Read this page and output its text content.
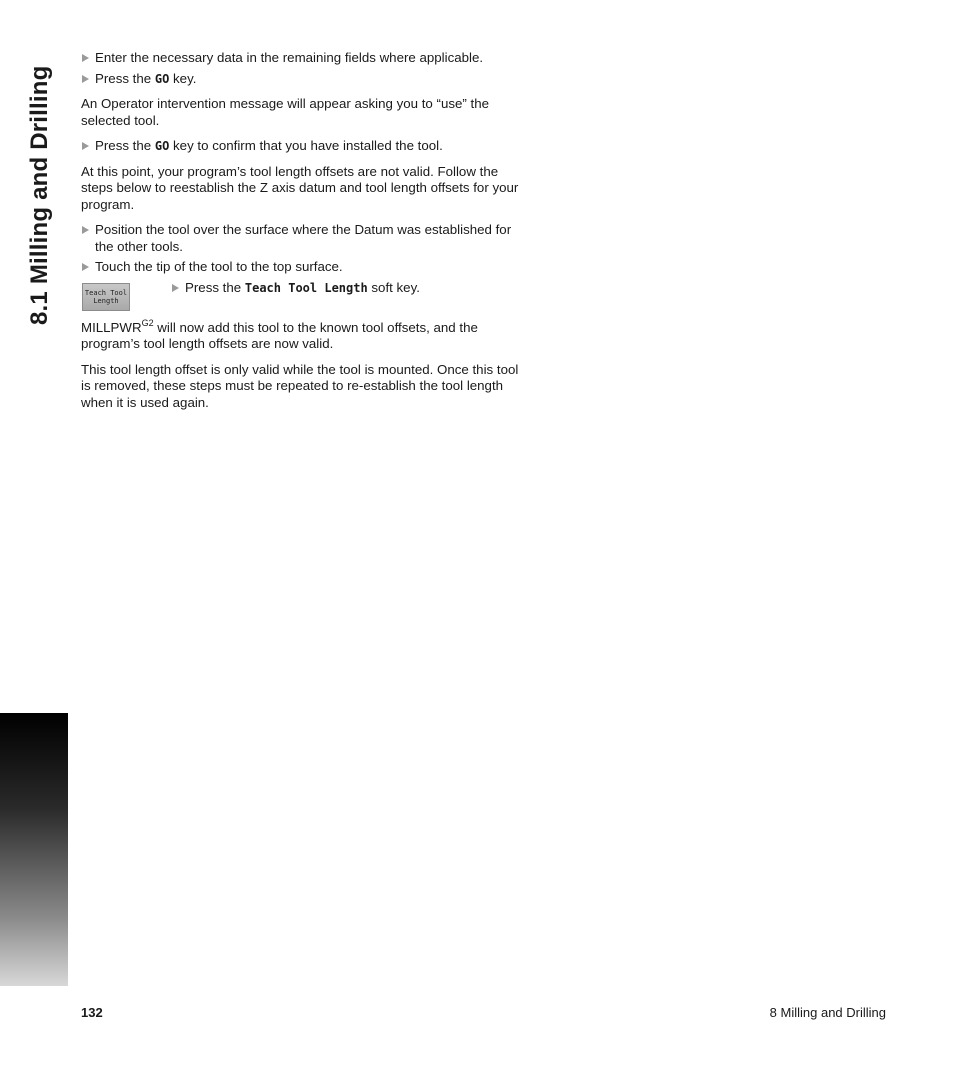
8.1 Milling and Drilling
Enter the necessary data in the remaining fields where applicable.
Press the GO key.

An Operator intervention message will appear asking you to “use” the selected tool.

Press the GO key to confirm that you have installed the tool.

At this point, your program’s tool length offsets are not valid. Follow the steps below to reestablish the Z axis datum and tool length offsets for your program.

Position the tool over the surface where the Datum was established for the other tools.
Touch the tip of the tool to the top surface.
Teach Tool
Length
Press the Teach Tool Length soft key.

$MILLPWR^{G2}$ will now add this tool to the known tool offsets, and the program’s tool length offsets are now valid.

This tool length offset is only valid while the tool is mounted. Once this tool is removed, these steps must be repeated to re-establish the tool length when it is used again.

132	8 Milling and Drilling
